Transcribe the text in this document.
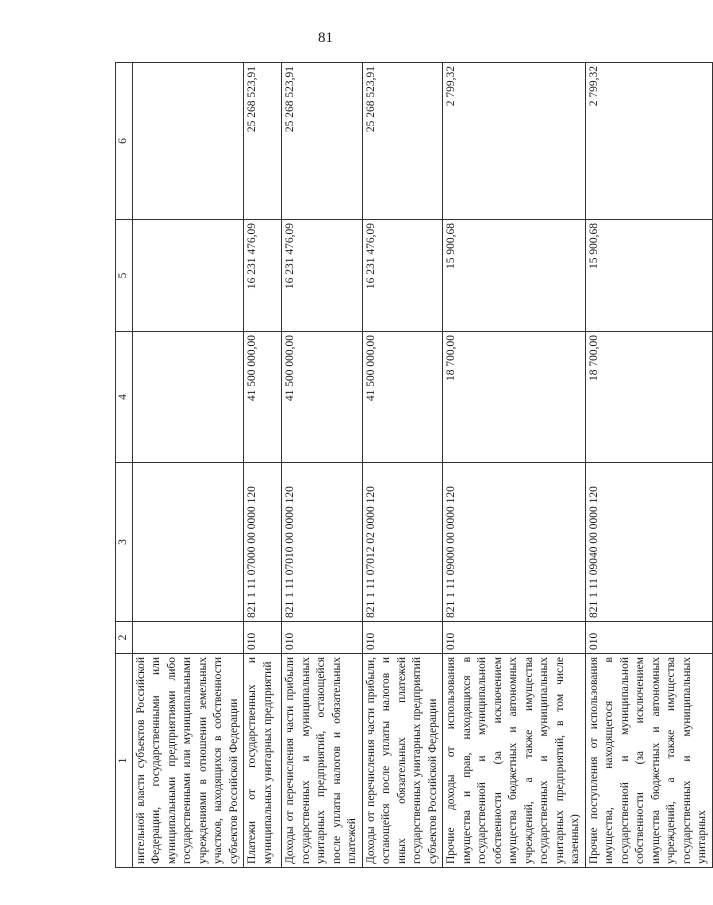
81
1	2	3	4	5	6
нительной власти субъектов Российской Федерации, государственными или муниципальными предприятиями либо государственными или муниципальными учреждениями в отношении земельных участков, находящихся в собственности субъектов Российской Федерации					
Платежи от государственных и муниципальных унитарных предприятий	010	821 1 11 07000 00 0000 120	41 500 000,00	16 231 476,09	25 268 523,91
Доходы от перечисления части прибыли государственных и муниципальных унитарных предприятий, остающейся после уплаты налогов и обязательных платежей	010	821 1 11 07010 00 0000 120	41 500 000,00	16 231 476,09	25 268 523,91
Доходы от перечисления части прибыли, остающейся после уплаты налогов и иных обязательных платежей государственных унитарных предприятий субъектов Российской Федерации	010	821 1 11 07012 02 0000 120	41 500 000,00	16 231 476,09	25 268 523,91
Прочие доходы от использования имущества и прав, находящихся в государственной и муниципальной собственности (за исключением имущества бюджетных и автономных учреждений, а также имущества государственных и муниципальных унитарных предприятий, в том числе казенных)	010	821 1 11 09000 00 0000 120	18 700,00	15 900,68	2 799,32
Прочие поступления от использования имущества, находящегося в государственной и муниципальной собственности (за исключением имущества бюджетных и автономных учреждений, а также имущества государственных и муниципальных унитарных	010	821 1 11 09040 00 0000 120	18 700,00	15 900,68	2 799,32
